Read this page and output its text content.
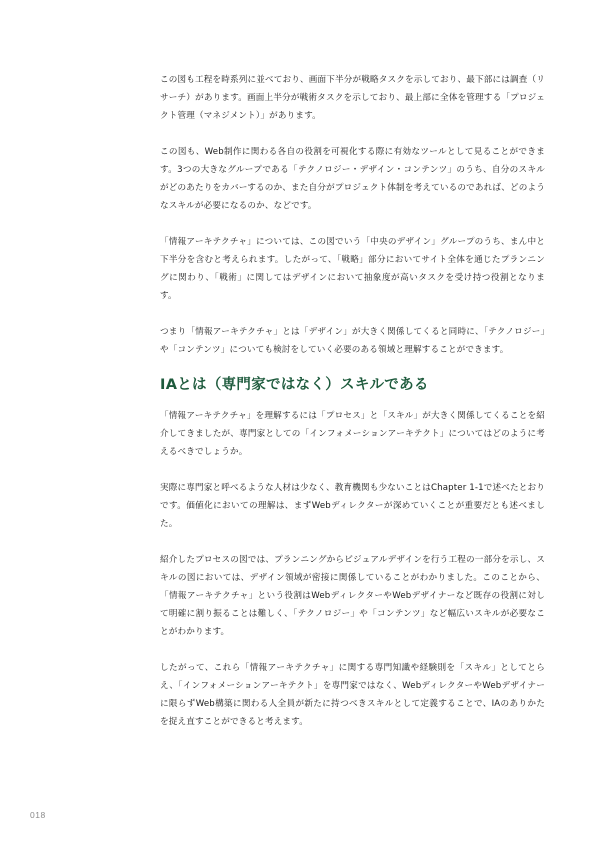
この図も工程を時系列に並べており、画面下半分が戦略タスクを示しており、最下部には調査（リサーチ）があります。画面上半分が戦術タスクを示しており、最上部に全体を管理する「プロジェクト管理（マネジメント）」があります。

この図も、Web制作に関わる各自の役割を可視化する際に有効なツールとして見ることができます。3つの大きなグループである「テクノロジー・デザイン・コンテンツ」のうち、自分のスキルがどのあたりをカバーするのか、また自分がプロジェクト体制を考えているのであれば、どのようなスキルが必要になるのか、などです。

「情報アーキテクチャ」については、この図でいう「中央のデザイン」グループのうち、まん中と下半分を含むと考えられます。したがって、「戦略」部分においてサイト全体を通じたプランニングに関わり、「戦術」に関してはデザインにおいて抽象度が高いタスクを受け持つ役割となります。

つまり「情報アーキテクチャ」とは「デザイン」が大きく関係してくると同時に、「テクノロジー」や「コンテンツ」についても検討をしていく必要のある領域と理解することができます。

IAとは（専門家ではなく）スキルである

「情報アーキテクチャ」を理解するには「プロセス」と「スキル」が大きく関係してくることを紹介してきましたが、専門家としての「インフォメーションアーキテクト」についてはどのように考えるべきでしょうか。

実際に専門家と呼べるような人材は少なく、教育機関も少ないことはChapter 1-1で述べたとおりです。価値化においての理解は、まずWebディレクターが深めていくことが重要だとも述べました。

紹介したプロセスの図では、プランニングからビジュアルデザインを行う工程の一部分を示し、スキルの図においては、デザイン領域が密接に関係していることがわかりました。このことから、「情報アーキテクチャ」という役割はWebディレクターやWebデザイナーなど既存の役割に対して明確に割り振ることは難しく、「テクノロジー」や「コンテンツ」など幅広いスキルが必要なことがわかります。

したがって、これら「情報アーキテクチャ」に関する専門知識や経験則を「スキル」としてとらえ、「インフォメーションアーキテクト」を専門家ではなく、WebディレクターやWebデザイナーに限らずWeb構築に関わる人全員が新たに持つべきスキルとして定義することで、IAのありかたを捉え直すことができると考えます。

018
